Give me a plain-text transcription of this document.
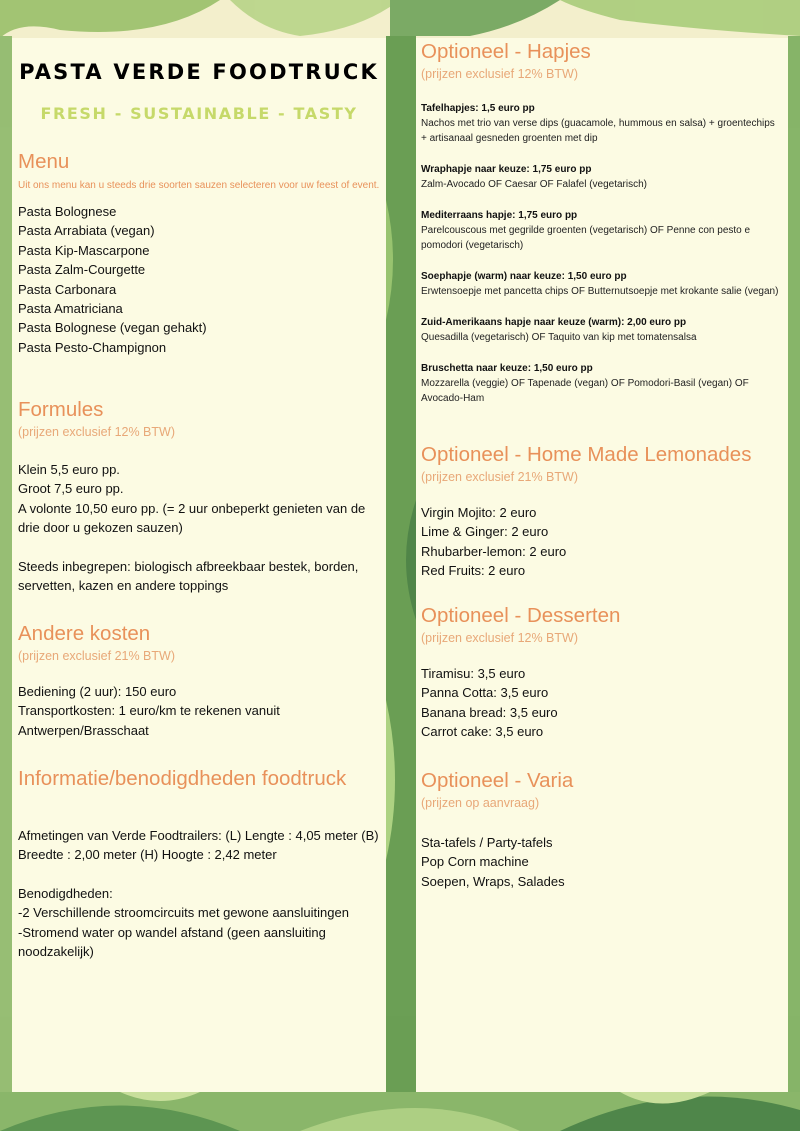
PASTA VERDE FOODTRUCK

FRESH - SUSTAINABLE - TASTY

Menu

Uit ons menu kan u steeds drie soorten sauzen selecteren voor uw feest of event.

Pasta Bolognese

Pasta Arrabiata (vegan)

Pasta Kip-Mascarpone

Pasta Zalm-Courgette

Pasta Carbonara

Pasta Amatriciana

Pasta Bolognese (vegan gehakt)

Pasta Pesto-Champignon

Formules

(prijzen exclusief 12% BTW)

Klein 5,5 euro pp.

Groot 7,5 euro pp.

A volonte 10,50 euro pp. (= 2 uur onbeperkt genieten van de drie door u gekozen sauzen)

Steeds inbegrepen: biologisch afbreekbaar bestek, borden, servetten, kazen en andere toppings

Andere kosten

(prijzen exclusief 21% BTW)

Bediening (2 uur): 150 euro

Transportkosten: 1 euro/km te rekenen vanuit Antwerpen/Brasschaat

Informatie/benodigdheden foodtruck

Afmetingen van Verde Foodtrailers: (L) Lengte : 4,05 meter (B) Breedte : 2,00 meter (H) Hoogte : 2,42 meter

Benodigdheden:

-2 Verschillende stroomcircuits met gewone aansluitingen

-Stromend water op wandel afstand (geen aansluiting noodzakelijk)

Optioneel - Hapjes

(prijzen exclusief 12% BTW)

Tafelhapjes: 1,5 euro pp

Nachos met trio van verse dips (guacamole, hummous en salsa) + groentechips + artisanaal gesneden groenten met dip

Wraphapje naar keuze: 1,75 euro pp

Zalm-Avocado OF Caesar OF Falafel (vegetarisch)

Mediterraans hapje: 1,75 euro pp

Parelcouscous met gegrilde groenten (vegetarisch) OF Penne con pesto e pomodori (vegetarisch)

Soephapje (warm) naar keuze: 1,50 euro pp

Erwtensoepje met pancetta chips OF Butternutsoepje met krokante salie (vegan)

Zuid-Amerikaans hapje naar keuze (warm): 2,00 euro pp

Quesadilla (vegetarisch) OF Taquito van kip met tomatensalsa

Bruschetta naar keuze: 1,50 euro pp

Mozzarella (veggie) OF Tapenade (vegan) OF Pomodori-Basil (vegan) OF Avocado-Ham

Optioneel - Home Made Lemonades

(prijzen exclusief 21% BTW)

Virgin Mojito: 2 euro

Lime & Ginger: 2 euro

Rhubarber-lemon: 2 euro

Red Fruits: 2 euro

Optioneel - Desserten

(prijzen exclusief 12% BTW)

Tiramisu: 3,5 euro

Panna Cotta: 3,5 euro

Banana bread: 3,5 euro

Carrot cake: 3,5 euro

Optioneel - Varia

(prijzen op aanvraag)

Sta-tafels / Party-tafels

Pop Corn machine

Soepen, Wraps, Salades
